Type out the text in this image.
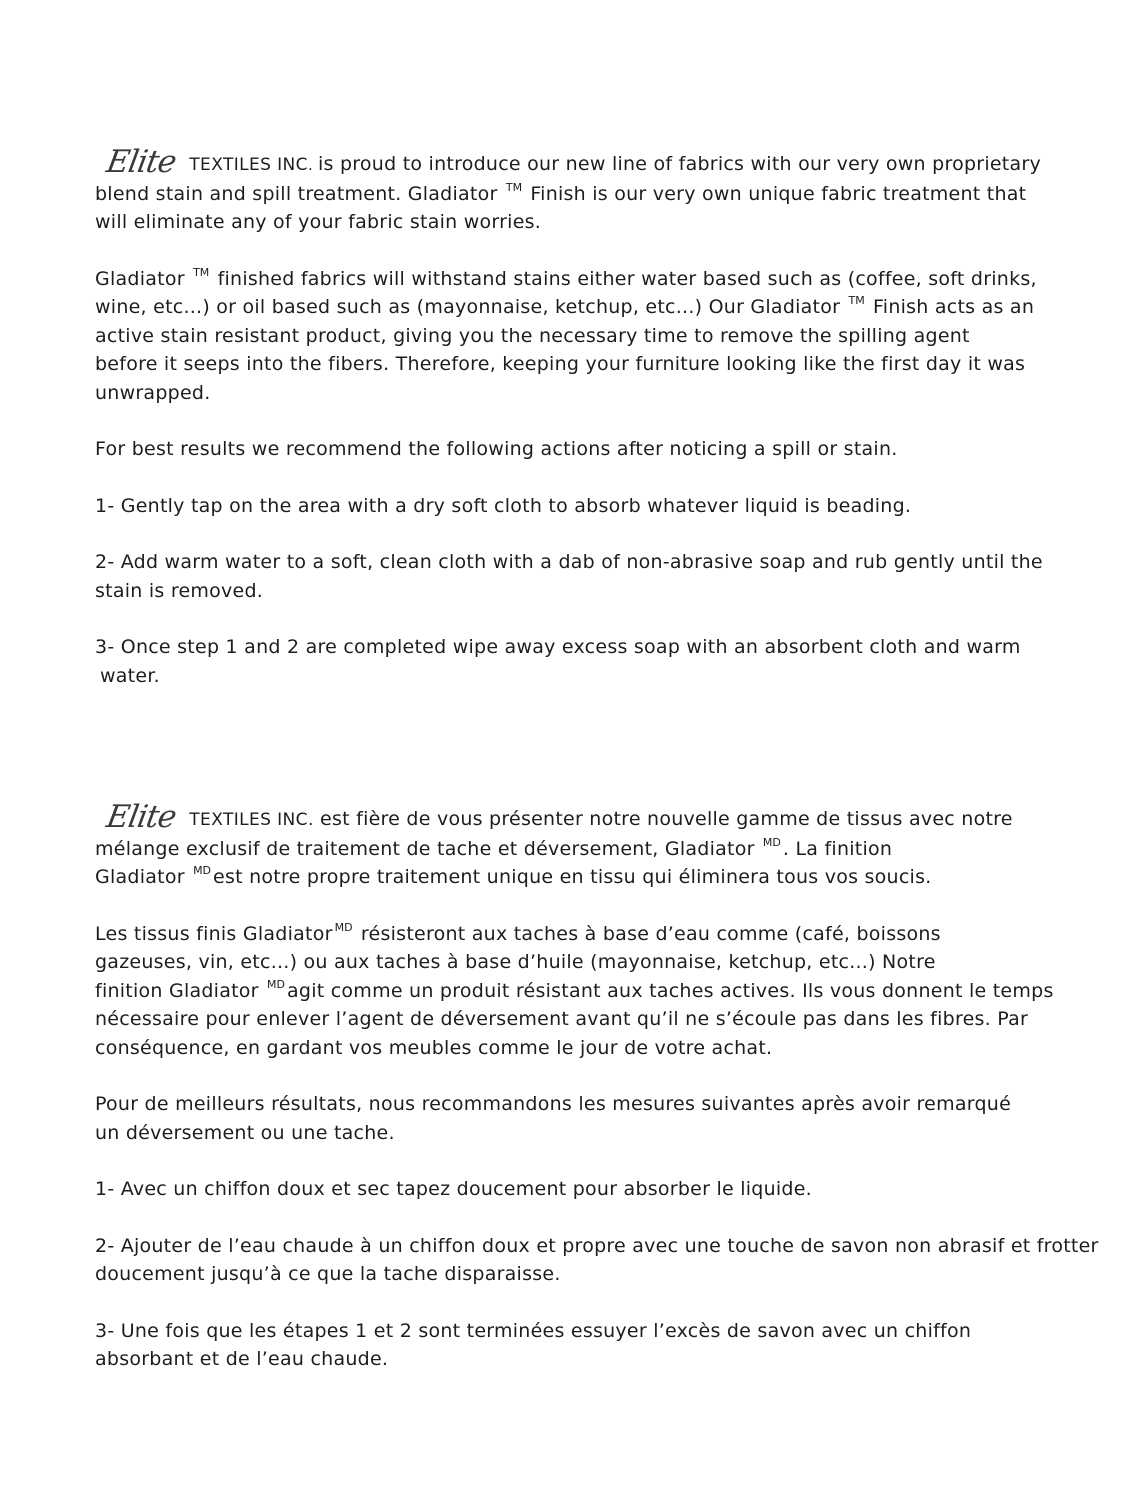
Elite TEXTILES INC. is proud to introduce our new line of fabrics with our very own proprietary
blend stain and spill treatment. Gladiator ™ Finish is our very own unique fabric treatment that
will eliminate any of your fabric stain worries.

Gladiator ™ finished fabrics will withstand stains either water based such as (coffee, soft drinks,
wine, etc...) or oil based such as (mayonnaise, ketchup, etc...) Our Gladiator ™ Finish acts as an
active stain resistant product, giving you the necessary time to remove the spilling agent
before it seeps into the fibers. Therefore, keeping your furniture looking like the first day it was
unwrapped.

For best results we recommend the following actions after noticing a spill or stain.

1- Gently tap on the area with a dry soft cloth to absorb whatever liquid is beading.

2- Add warm water to a soft, clean cloth with a dab of non-abrasive soap and rub gently until the
stain is removed.

3- Once step 1 and 2 are completed wipe away excess soap with an absorbent cloth and warm
water.

Elite TEXTILES INC. est fière de vous présenter notre nouvelle gamme de tissus avec notre
mélange exclusif de traitement de tache et déversement, Gladiator $^{MD}$ . La finition
Gladiator $^{MD}$ est notre propre traitement unique en tissu qui éliminera tous vos soucis.

Les tissus finis Gladiator $^{MD}$ résisteront aux taches à base d’eau comme (café, boissons
gazeuses, vin, etc...) ou aux taches à base d’huile (mayonnaise, ketchup, etc...) Notre
finition Gladiator $^{MD}$ agit comme un produit résistant aux taches actives. Ils vous donnent le temps
nécessaire pour enlever l’agent de déversement avant qu’il ne s’écoule pas dans les fibres. Par
conséquence, en gardant vos meubles comme le jour de votre achat.

Pour de meilleurs résultats, nous recommandons les mesures suivantes après avoir remarqué
un déversement ou une tache.

1- Avec un chiffon doux et sec tapez doucement pour absorber le liquide.

2- Ajouter de l’eau chaude à un chiffon doux et propre avec une touche de savon non abrasif et frotter
doucement jusqu’à ce que la tache disparaisse.

3- Une fois que les étapes 1 et 2 sont terminées essuyer l’excès de savon avec un chiffon
absorbant et de l’eau chaude.
